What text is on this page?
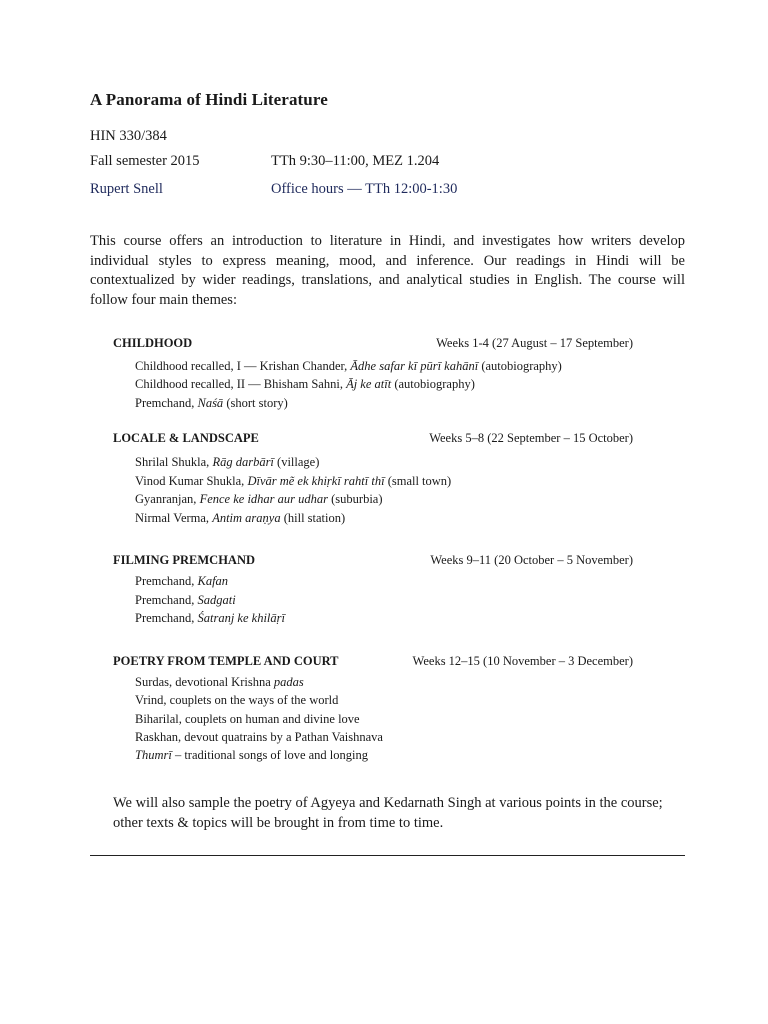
A Panorama of Hindi Literature
HIN 330/384
Fall semester 2015	TTh 9:30–11:00, MEZ 1.204
Rupert Snell	Office hours — TTh 12:00-1:30
This course offers an introduction to literature in Hindi, and investigates how writers develop individual styles to express meaning, mood, and inference. Our readings in Hindi will be contextualized by wider readings, translations, and analytical studies in English. The course will follow four main themes:
CHILDHOOD	Weeks 1-4 (27 August – 17 September)
Childhood recalled, I — Krishan Chander, Ādhe safar kī pūrī kahānī (autobiography)
Childhood recalled, II — Bhisham Sahni, Āj ke atīt (autobiography)
Premchand, Naśā (short story)
LOCALE & LANDSCAPE	Weeks 5–8 (22 September – 15 October)
Shrilal Shukla, Rāg darbārī (village)
Vinod Kumar Shukla, Dīvār mẽ ek khiṛkī rahtī thī (small town)
Gyanranjan, Fence ke idhar aur udhar (suburbia)
Nirmal Verma, Antim araṇya (hill station)
FILMING PREMCHAND	Weeks 9–11 (20 October – 5 November)
Premchand, Kafan
Premchand, Sadgati
Premchand, Śatranj ke khilāṛī
POETRY FROM TEMPLE AND COURT	Weeks 12–15 (10 November – 3 December)
Surdas, devotional Krishna padas
Vrind, couplets on the ways of the world
Biharilal, couplets on human and divine love
Raskhan, devout quatrains by a Pathan Vaishnava
Thumrī – traditional songs of love and longing
We will also sample the poetry of Agyeya and Kedarnath Singh at various points in the course; other texts & topics will be brought in from time to time.
